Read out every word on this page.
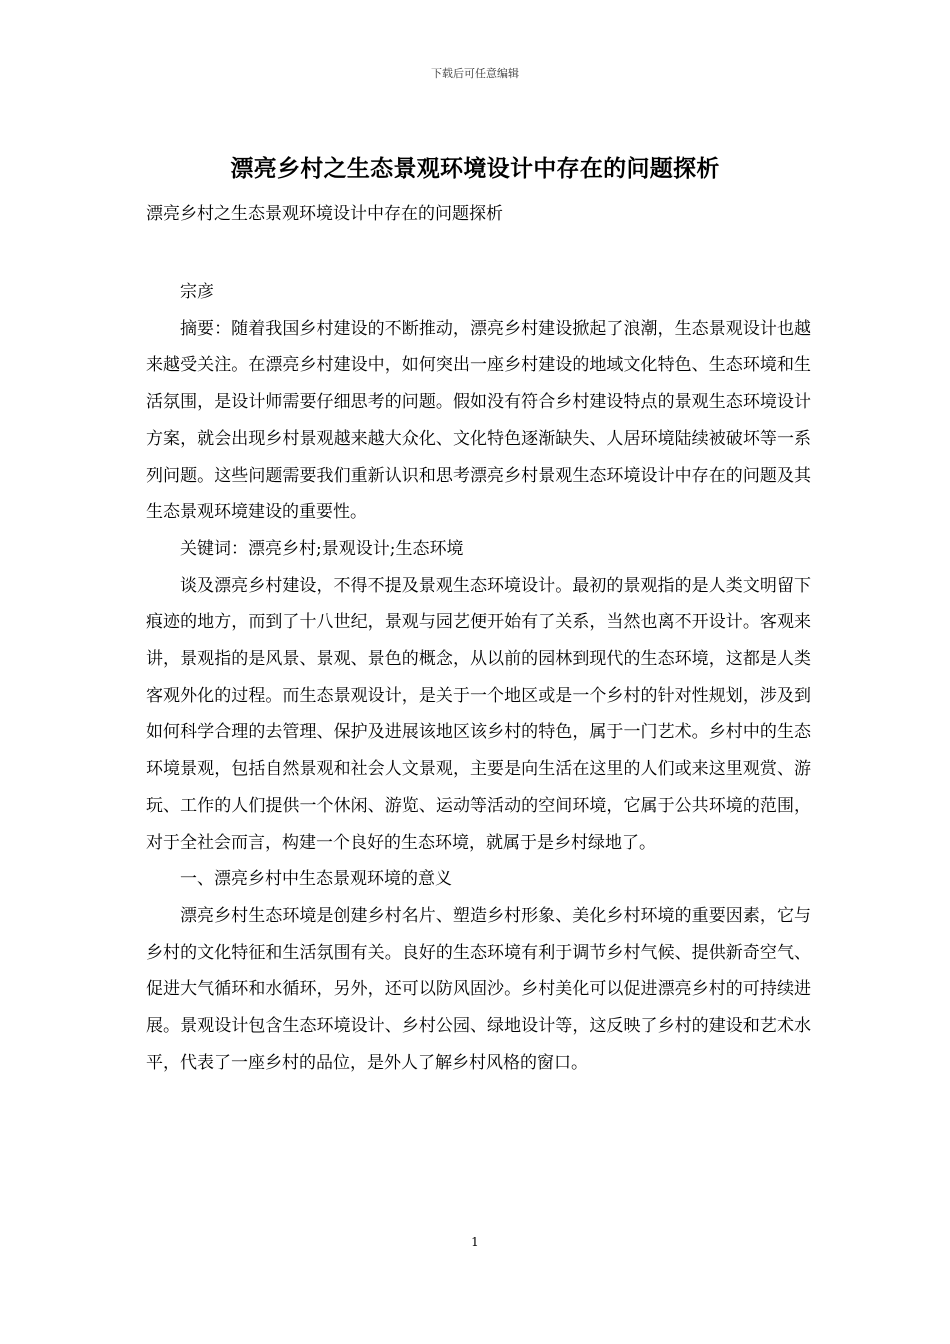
下载后可任意编辑
漂亮乡村之生态景观环境设计中存在的问题探析

漂亮乡村之生态景观环境设计中存在的问题探析

宗彦

摘要：随着我国乡村建设的不断推动，漂亮乡村建设掀起了浪潮，生态景观设计也越来越受关注。在漂亮乡村建设中，如何突出一座乡村建设的地域文化特色、生态环境和生活氛围，是设计师需要仔细思考的问题。假如没有符合乡村建设特点的景观生态环境设计方案，就会出现乡村景观越来越大众化、文化特色逐渐缺失、人居环境陆续被破坏等一系列问题。这些问题需要我们重新认识和思考漂亮乡村景观生态环境设计中存在的问题及其生态景观环境建设的重要性。

关键词：漂亮乡村;景观设计;生态环境

谈及漂亮乡村建设，不得不提及景观生态环境设计。最初的景观指的是人类文明留下痕迹的地方，而到了十八世纪，景观与园艺便开始有了关系，当然也离不开设计。客观来讲，景观指的是风景、景观、景色的概念，从以前的园林到现代的生态环境，这都是人类客观外化的过程。而生态景观设计，是关于一个地区或是一个乡村的针对性规划，涉及到如何科学合理的去管理、保护及进展该地区该乡村的特色，属于一门艺术。乡村中的生态环境景观，包括自然景观和社会人文景观，主要是向生活在这里的人们或来这里观赏、游玩、工作的人们提供一个休闲、游览、运动等活动的空间环境，它属于公共环境的范围，对于全社会而言，构建一个良好的生态环境，就属于是乡村绿地了。

一、漂亮乡村中生态景观环境的意义

漂亮乡村生态环境是创建乡村名片、塑造乡村形象、美化乡村环境的重要因素，它与乡村的文化特征和生活氛围有关。良好的生态环境有利于调节乡村气候、提供新奇空气、促进大气循环和水循环，另外，还可以防风固沙。乡村美化可以促进漂亮乡村的可持续进展。景观设计包含生态环境设计、乡村公园、绿地设计等，这反映了乡村的建设和艺术水平，代表了一座乡村的品位，是外人了解乡村风格的窗口。

1
